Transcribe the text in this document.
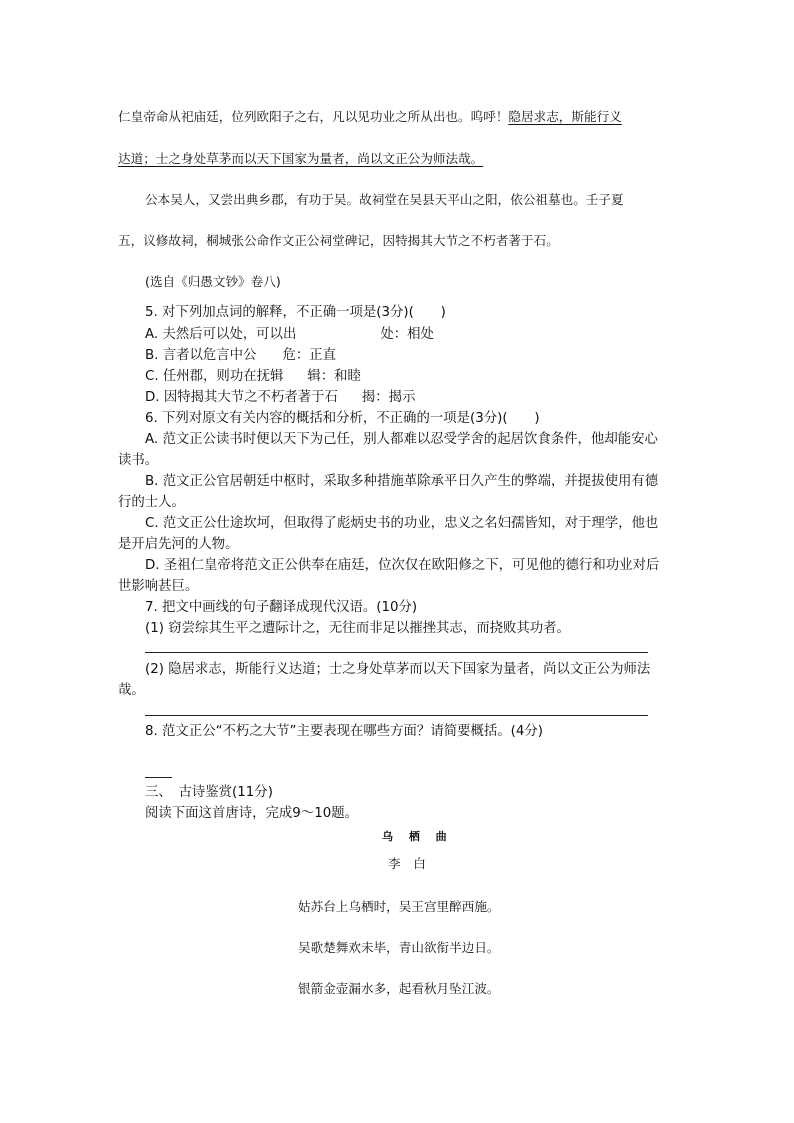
仁皇帝命从祀庙廷，位列欧阳子之右，凡以见功业之所从出也。呜呼！隐居求志，斯能行义
达道；士之身处草茅而以天下国家为量者，尚以文正公为师法哉。
公本吴人，又尝出典乡郡，有功于吴。故祠堂在吴县天平山之阳，依公祖墓也。壬子夏
五，议修故祠，桐城张公命作文正公祠堂碑记，因特揭其大节之不朽者著于石。
(选自《归愚文钞》卷八)
5. 对下列加点词的解释，不正确一项是(3分)(　　)
A. 夫然后可以处，可以出	处：相处
B. 言者以危言中公 危：正直
C. 任州郡，则功在抚辑 辑：和睦
D. 因特揭其大节之不朽者著于石 揭：揭示
6. 下列对原文有关内容的概括和分析，不正确的一项是(3分)(　　)
A. 范文正公读书时便以天下为己任，别人都难以忍受学舍的起居饮食条件，他却能安心
读书。
B. 范文正公官居朝廷中枢时，采取多种措施革除承平日久产生的弊端，并提拔使用有德
行的士人。
C. 范文正公仕途坎坷，但取得了彪炳史书的功业，忠义之名妇孺皆知，对于理学，他也
是开启先河的人物。
D. 圣祖仁皇帝将范文正公供奉在庙廷，位次仅在欧阳修之下，可见他的德行和功业对后
世影响甚巨。
7. 把文中画线的句子翻译成现代汉语。(10分)
(1) 窃尝综其生平之遭际计之，无往而非足以摧挫其志，而挠败其功者。
(2) 隐居求志，斯能行义达道；士之身处草茅而以天下国家为量者，尚以文正公为师法
哉。
8. 范文正公“不朽之大节”主要表现在哪些方面？请简要概括。(4分)
三、　古诗鉴赏(11分)
阅读下面这首唐诗，完成9～10题。
乌 栖 曲
李　白
姑苏台上乌栖时，吴王宫里醉西施。
吴歌楚舞欢未毕，青山欲衔半边日。
银箭金壶漏水多，起看秋月坠江波。
